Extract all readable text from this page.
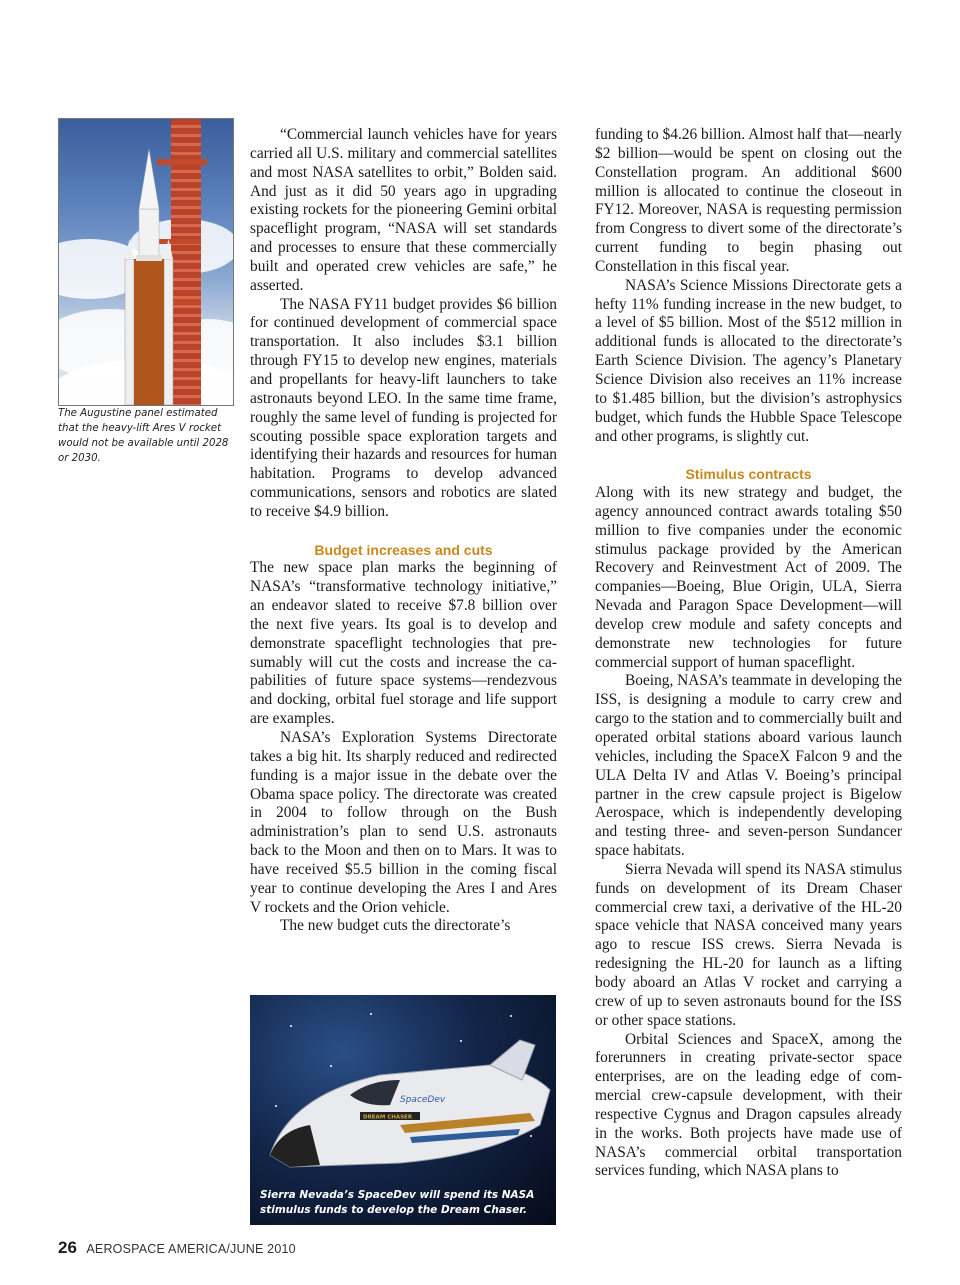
The Augustine panel estimated that the heavy-lift Ares V rocket would not be available until 2028 or 2030.

“Commercial launch vehicles have for years carried all U.S. military and commercial satellites and most NASA satellites to orbit,” Bolden said. And just as it did 50 years ago in upgrading existing rockets for the pioneering Gemini orbital spaceflight program, “NASA will set standards and processes to ensure that these commercially built and operated crew vehicles are safe,” he asserted.

The NASA FY11 budget provides $6 billion for continued development of commercial space transportation. It also includes $3.1 billion through FY15 to develop new engines, materials and propellants for heavy-lift launchers to take astronauts beyond LEO. In the same time frame, roughly the same level of funding is projected for scouting possible space exploration targets and identifying their hazards and resources for human habitation. Programs to develop advanced communications, sensors and robotics are slated to receive $4.9 billion.

Budget increases and cuts

The new space plan marks the beginning of NASA’s “transformative technology initiative,” an endeavor slated to receive $7.8 billion over the next five years. Its goal is to develop and demonstrate spaceflight technologies that presumably will cut the costs and increase the capabilities of future space systems—rendezvous and docking, orbital fuel storage and life support are examples.

NASA’s Exploration Systems Directorate takes a big hit. Its sharply reduced and redirected funding is a major issue in the debate over the Obama space policy. The directorate was created in 2004 to follow through on the Bush administration’s plan to send U.S. astronauts back to the Moon and then on to Mars. It was to have received $5.5 billion in the coming fiscal year to continue developing the Ares I and Ares V rockets and the Orion vehicle.

The new budget cuts the directorate’s

funding to $4.26 billion. Almost half that—nearly $2 billion—would be spent on closing out the Constellation program. An additional $600 million is allocated to continue the closeout in FY12. Moreover, NASA is requesting permission from Congress to divert some of the directorate’s current funding to begin phasing out Constellation in this fiscal year.

NASA’s Science Missions Directorate gets a hefty 11% funding increase in the new budget, to a level of $5 billion. Most of the $512 million in additional funds is allocated to the directorate’s Earth Science Division. The agency’s Planetary Science Division also receives an 11% increase to $1.485 billion, but the division’s astrophysics budget, which funds the Hubble Space Telescope and other programs, is slightly cut.

Stimulus contracts

Along with its new strategy and budget, the agency announced contract awards totaling $50 million to five companies under the economic stimulus package provided by the American Recovery and Reinvestment Act of 2009. The companies—Boeing, Blue Origin, ULA, Sierra Nevada and Paragon Space Development—will develop crew module and safety concepts and demonstrate new technologies for future commercial support of human spaceflight.

Boeing, NASA’s teammate in developing the ISS, is designing a module to carry crew and cargo to the station and to commercially built and operated orbital stations aboard various launch vehicles, including the SpaceX Falcon 9 and the ULA Delta IV and Atlas V. Boeing’s principal partner in the crew capsule project is Bigelow Aerospace, which is independently developing and testing three- and seven-person Sundancer space habitats.

Sierra Nevada will spend its NASA stimulus funds on development of its Dream Chaser commercial crew taxi, a derivative of the HL-20 space vehicle that NASA conceived many years ago to rescue ISS crews. Sierra Nevada is redesigning the HL-20 for launch as a lifting body aboard an Atlas V rocket and carrying a crew of up to seven astronauts bound for the ISS or other space stations.

Orbital Sciences and SpaceX, among the forerunners in creating private-sector space enterprises, are on the leading edge of commercial crew-capsule development, with their respective Cygnus and Dragon capsules already in the works. Both projects have made use of NASA’s commercial orbital transportation services funding, which NASA plans to

SpaceDev
DREAM CHASER
Sierra Nevada’s SpaceDev will spend its NASA stimulus funds to develop the Dream Chaser.
26 AEROSPACE AMERICA/JUNE 2010
